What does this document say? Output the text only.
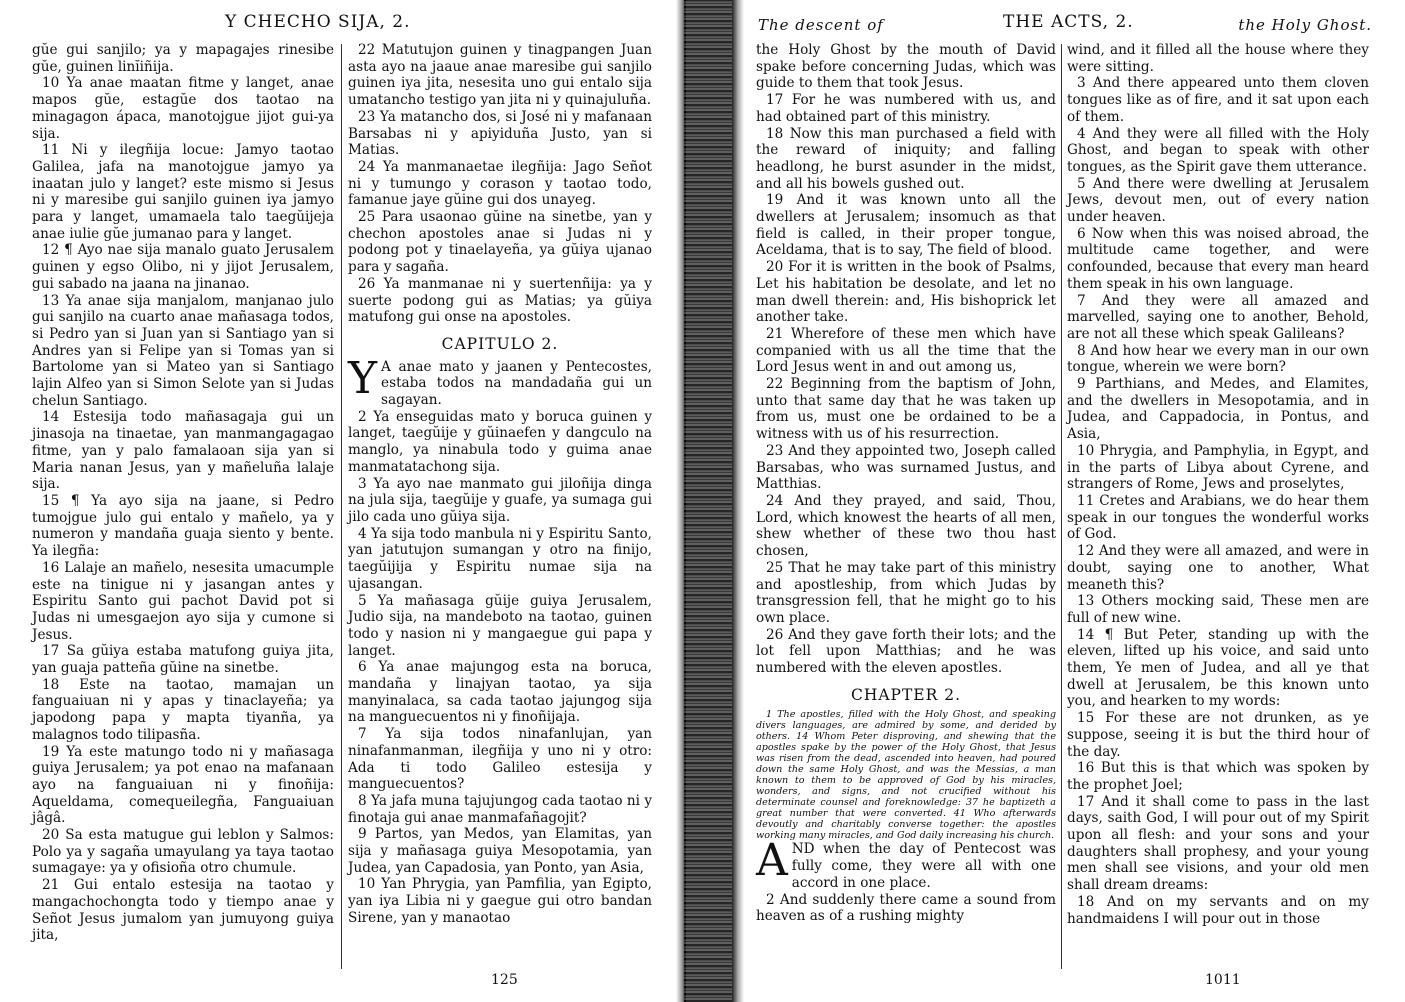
Y CHECHO SIJA, 2.

gŭe gui sanjilo; ya y mapagajes rinesibe gŭe, guinen linĭiñija.

10 Ya anae maatan fitme y langet, anae mapos gŭe, estagŭe dos taotao na minagagon ápaca, manotojgue jijot gui-ya sija.

11 Ni y ilegñija locue: Jamyo taotao Galilea, jafa na manotojgue jamyo ya inaatan julo y langet? este mismo si Jesus ni y maresibe gui sanjilo guinen iya jamyo para y langet, umamaela talo taegŭijeja anae iulie gŭe jumanao para y langet.

12 ¶ Ayo nae sija manalo guato Jerusalem guinen y egso Olibo, ni y jijot Jerusalem, gui sabado na jaana na jinanao.

13 Ya anae sija manjalom, manjanao julo gui sanjilo na cuarto anae mañasaga todos, si Pedro yan si Juan yan si Santiago yan si Andres yan si Felipe yan si Tomas yan si Bartolome yan si Mateo yan si Santiago lajin Alfeo yan si Simon Selote yan si Judas chelun Santiago.

14 Estesija todo mañasagaja gui un jinasoja na tinaetae, yan manmangagagao fitme, yan y palo famalaoan sija yan si Maria nanan Jesus, yan y mañeluña lalaje sija.

15 ¶ Ya ayo sija na jaane, si Pedro tumojgue julo gui entalo y mañelo, ya y numeron y mandaña guaja siento y bente. Ya ilegña:

16 Lalaje an mañelo, nesesita umacumple este na tinigue ni y jasangan antes y Espiritu Santo gui pachot David pot si Judas ni umesgaejon ayo sija y cumone si Jesus.

17 Sa gŭiya estaba matufong guiya jita, yan guaja patteña gŭine na sinetbe.

18 Este na taotao, mamajan un fanguaiuan ni y apas y tinaclayeña; ya japodong papa y mapta tiyanña, ya malagnos todo tilipasña.

19 Ya este matungo todo ni y mañasaga guiya Jerusalem; ya pot enao na mafanaan ayo na fanguaiuan ni y finoñija: Aqueldama, comequeilegña, Fanguaiuan jâgâ.

20 Sa esta matugue gui leblon y Salmos: Polo ya y sagaña umayulang ya taya taotao sumagaye: ya y ofisioña otro chumule.

21 Gui entalo estesija na taotao y mangachochongta todo y tiempo anae y Señot Jesus jumalom yan jumuyong guiya jita,

22 Matutujon guinen y tinagpangen Juan asta ayo na jaaue anae maresibe gui sanjilo guinen iya jita, nesesita uno gui entalo sija umatancho testigo yan jita ni y quinajuluña.

23 Ya matancho dos, si José ni y mafanaan Barsabas ni y apiyiduña Justo, yan si Matias.

24 Ya manmanaetae ilegñija: Jago Señot ni y tumungo y corason y taotao todo, famanue jaye gŭine gui dos unayeg.

25 Para usaonao gŭine na sinetbe, yan y chechon apostoles anae si Judas ni y podong pot y tinaelayeña, ya gŭiya ujanao para y sagaña.

26 Ya manmanae ni y suertenñija: ya y suerte podong gui as Matias; ya gŭiya matufong gui onse na apostoles.

CAPITULO 2.
Y A anae mato y jaanen y Pentecostes, estaba todos na mandadaña gui un sagayan.

2 Ya enseguidas mato y boruca guinen y langet, taegŭije y gŭinaefen y dangculo na manglo, ya ninabula todo y guima anae manmatatachong sija.

3 Ya ayo nae manmato gui jiloñija dinga na jula sija, taegŭije y guafe, ya sumaga gui jilo cada uno gŭiya sija.

4 Ya sija todo manbula ni y Espiritu Santo, yan jatutujon sumangan y otro na finijo, taegŭijija y Espiritu numae sija na ujasangan.

5 Ya mañasaga gŭije guiya Jerusalem, Judio sija, na mandeboto na taotao, guinen todo y nasion ni y mangaegue gui papa y langet.

6 Ya anae majungog esta na boruca, mandaña y linajyan taotao, ya sija manyinalaca, sa cada taotao jajungog sija na manguecuentos ni y finoñijaja.

7 Ya sija todos ninafanlujan, yan ninafanmanman, ilegñija y uno ni y otro: Ada ti todo Galileo estesija y manguecuentos?

8 Ya jafa muna tajujungog cada taotao ni y finotaja gui anae manmafañagojit?

9 Partos, yan Medos, yan Elamitas, yan sija y mañasaga guiya Mesopotamia, yan Judea, yan Capadosia, yan Ponto, yan Asia,

10 Yan Phrygia, yan Pamfilia, yan Egipto, yan iya Libia ni y gaegue gui otro bandan Sirene, yan y manaotao

125
The descent of	THE ACTS, 2.	the Holy Ghost.

the Holy Ghost by the mouth of David spake before concerning Judas, which was guide to them that took Jesus.

17 For he was numbered with us, and had obtained part of this ministry.

18 Now this man purchased a field with the reward of iniquity; and falling headlong, he burst asunder in the midst, and all his bowels gushed out.

19 And it was known unto all the dwellers at Jerusalem; insomuch as that field is called, in their proper tongue, Aceldama, that is to say, The field of blood.

20 For it is written in the book of Psalms, Let his habitation be desolate, and let no man dwell therein: and, His bishoprick let another take.

21 Wherefore of these men which have companied with us all the time that the Lord Jesus went in and out among us,

22 Beginning from the baptism of John, unto that same day that he was taken up from us, must one be ordained to be a witness with us of his resurrection.

23 And they appointed two, Joseph called Barsabas, who was surnamed Justus, and Matthias.

24 And they prayed, and said, Thou, Lord, which knowest the hearts of all men, shew whether of these two thou hast chosen,

25 That he may take part of this ministry and apostleship, from which Judas by transgression fell, that he might go to his own place.

26 And they gave forth their lots; and the lot fell upon Matthias; and he was numbered with the eleven apostles.

CHAPTER 2.

1 The apostles, filled with the Holy Ghost, and speaking divers languages, are admired by some, and derided by others. 14 Whom Peter disproving, and shewing that the apostles spake by the power of the Holy Ghost, that Jesus was risen from the dead, ascended into heaven, had poured down the same Holy Ghost, and was the Messias, a man known to them to be approved of God by his miracles, wonders, and signs, and not crucified without his determinate counsel and foreknowledge: 37 he baptizeth a great number that were converted. 41 Who afterwards devoutly and charitably converse together: the apostles working many miracles, and God daily increasing his church.

A ND when the day of Pentecost was fully come, they were all with one accord in one place.

2 And suddenly there came a sound from heaven as of a rushing mighty

wind, and it filled all the house where they were sitting.

3 And there appeared unto them cloven tongues like as of fire, and it sat upon each of them.

4 And they were all filled with the Holy Ghost, and began to speak with other tongues, as the Spirit gave them utterance.

5 And there were dwelling at Jerusalem Jews, devout men, out of every nation under heaven.

6 Now when this was noised abroad, the multitude came together, and were confounded, because that every man heard them speak in his own language.

7 And they were all amazed and marvelled, saying one to another, Behold, are not all these which speak Galileans?

8 And how hear we every man in our own tongue, wherein we were born?

9 Parthians, and Medes, and Elamites, and the dwellers in Mesopotamia, and in Judea, and Cappadocia, in Pontus, and Asia,

10 Phrygia, and Pamphylia, in Egypt, and in the parts of Libya about Cyrene, and strangers of Rome, Jews and proselytes,

11 Cretes and Arabians, we do hear them speak in our tongues the wonderful works of God.

12 And they were all amazed, and were in doubt, saying one to another, What meaneth this?

13 Others mocking said, These men are full of new wine.

14 ¶ But Peter, standing up with the eleven, lifted up his voice, and said unto them, Ye men of Judea, and all ye that dwell at Jerusalem, be this known unto you, and hearken to my words:

15 For these are not drunken, as ye suppose, seeing it is but the third hour of the day.

16 But this is that which was spoken by the prophet Joel;

17 And it shall come to pass in the last days, saith God, I will pour out of my Spirit upon all flesh: and your sons and your daughters shall prophesy, and your young men shall see visions, and your old men shall dream dreams:

18 And on my servants and on my handmaidens I will pour out in those

1011
